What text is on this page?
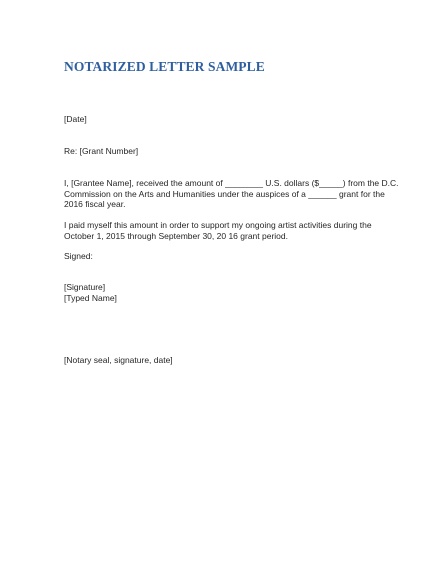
NOTARIZED LETTER SAMPLE
[Date]
Re: [Grant Number]
I, [Grantee Name], received the amount of ________ U.S. dollars ($_____) from the D.C.
Commission on the Arts and Humanities under the auspices of a ______ grant for the
2016 fiscal year.
I paid myself this amount in order to support my ongoing artist activities during the
October 1, 2015 through September 30, 20 16 grant period.
Signed:
[Signature]
[Typed Name]
[Notary seal, signature, date]
